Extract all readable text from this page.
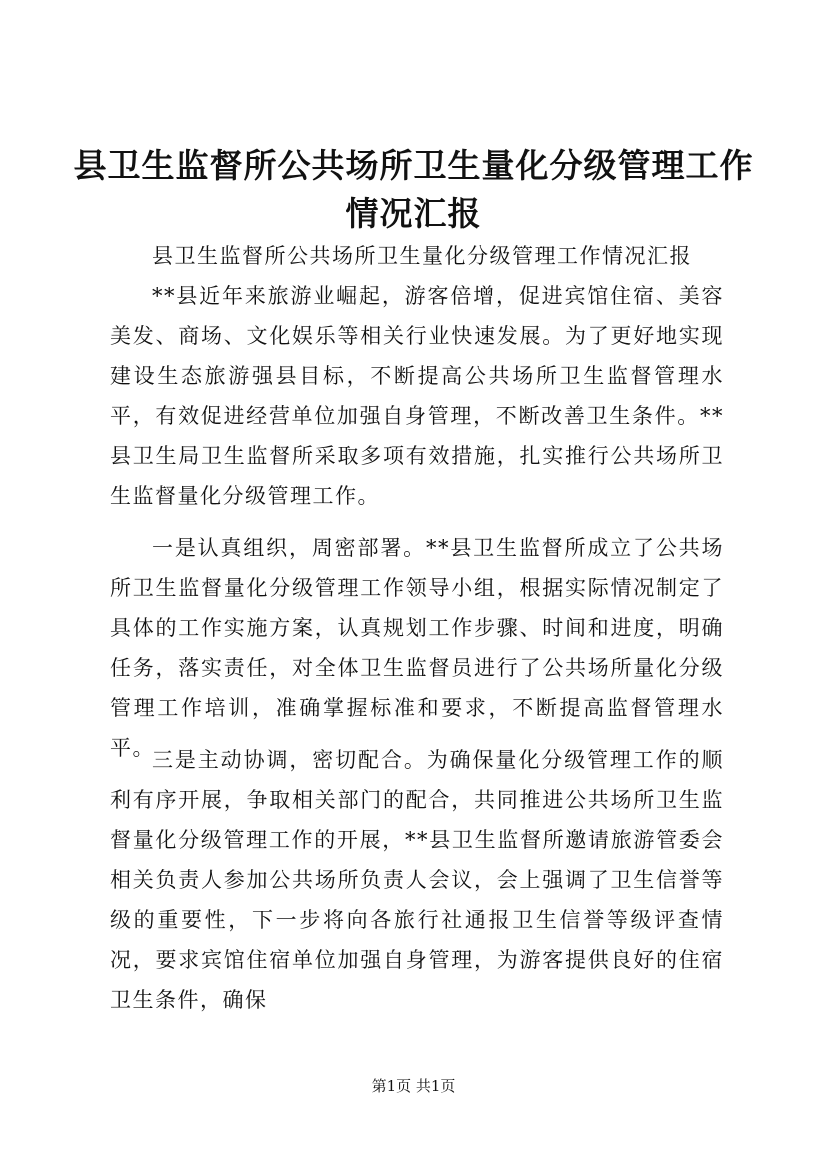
县卫生监督所公共场所卫生量化分级管理工作
情况汇报

县卫生监督所公共场所卫生量化分级管理工作情况汇报

**县近年来旅游业崛起，游客倍增，促进宾馆住宿、美容美发、商场、文化娱乐等相关行业快速发展。为了更好地实现建设生态旅游强县目标，不断提高公共场所卫生监督管理水平，有效促进经营单位加强自身管理，不断改善卫生条件。**县卫生局卫生监督所采取多项有效措施，扎实推行公共场所卫生监督量化分级管理工作。

一是认真组织，周密部署。**县卫生监督所成立了公共场所卫生监督量化分级管理工作领导小组，根据实际情况制定了具体的工作实施方案，认真规划工作步骤、时间和进度，明确任务，落实责任，对全体卫生监督员进行了公共场所量化分级管理工作培训，准确掌握标准和要求，不断提高监督管理水平。

三是主动协调，密切配合。为确保量化分级管理工作的顺利有序开展，争取相关部门的配合，共同推进公共场所卫生监督量化分级管理工作的开展，**县卫生监督所邀请旅游管委会相关负责人参加公共场所负责人会议，会上强调了卫生信誉等级的重要性，下一步将向各旅行社通报卫生信誉等级评查情况，要求宾馆住宿单位加强自身管理，为游客提供良好的住宿卫生条件，确保

第1页 共1页
